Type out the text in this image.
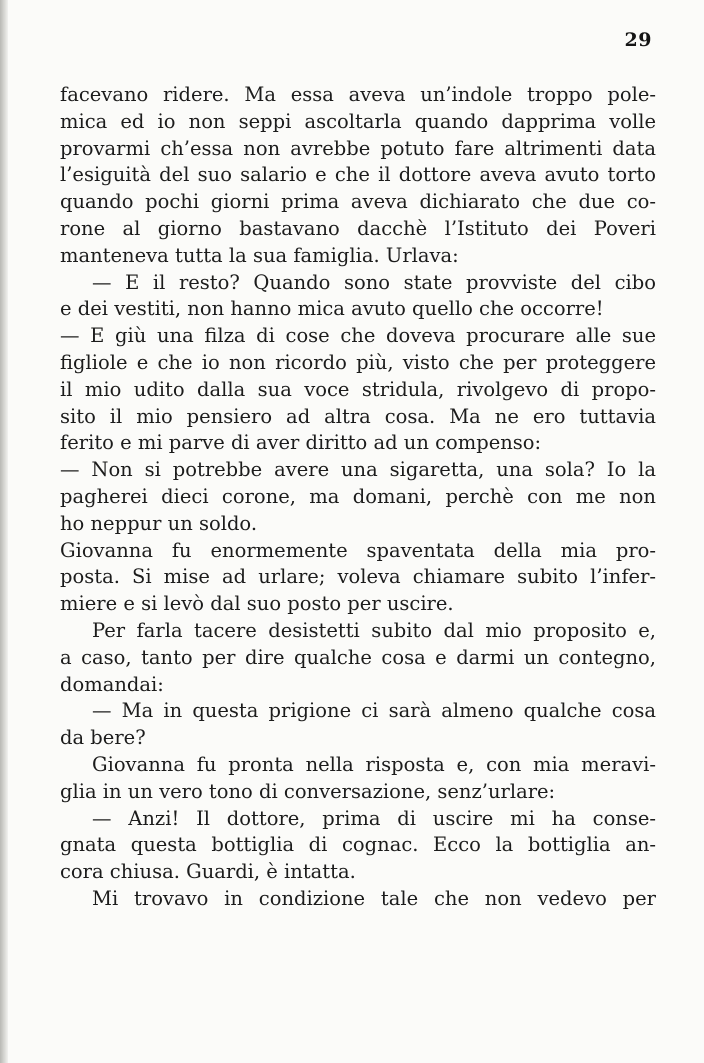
29
facevano ridere. Ma essa aveva un’indole troppo pole-
mica ed io non seppi ascoltarla quando dapprima volle
provarmi ch’essa non avrebbe potuto fare altrimenti data
l’esiguità del suo salario e che il dottore aveva avuto torto
quando pochi giorni prima aveva dichiarato che due co-
rone al giorno bastavano dacchè l’Istituto dei Poveri
manteneva tutta la sua famiglia. Urlava:
— E il resto? Quando sono state provviste del cibo
e dei vestiti, non hanno mica avuto quello che occorre!
— E giù una filza di cose che doveva procurare alle sue
figliole e che io non ricordo più, visto che per proteggere
il mio udito dalla sua voce stridula, rivolgevo di propo-
sito il mio pensiero ad altra cosa. Ma ne ero tuttavia
ferito e mi parve di aver diritto ad un compenso:
— Non si potrebbe avere una sigaretta, una sola? Io la
pagherei dieci corone, ma domani, perchè con me non
ho neppur un soldo.
Giovanna fu enormemente spaventata della mia pro-
posta. Si mise ad urlare; voleva chiamare subito l’infer-
miere e si levò dal suo posto per uscire.
Per farla tacere desistetti subito dal mio proposito e,
a caso, tanto per dire qualche cosa e darmi un contegno,
domandai:
— Ma in questa prigione ci sarà almeno qualche cosa
da bere?
Giovanna fu pronta nella risposta e, con mia meravi-
glia in un vero tono di conversazione, senz’urlare:
— Anzi! Il dottore, prima di uscire mi ha conse-
gnata questa bottiglia di cognac. Ecco la bottiglia an-
cora chiusa. Guardi, è intatta.
Mi trovavo in condizione tale che non vedevo per
